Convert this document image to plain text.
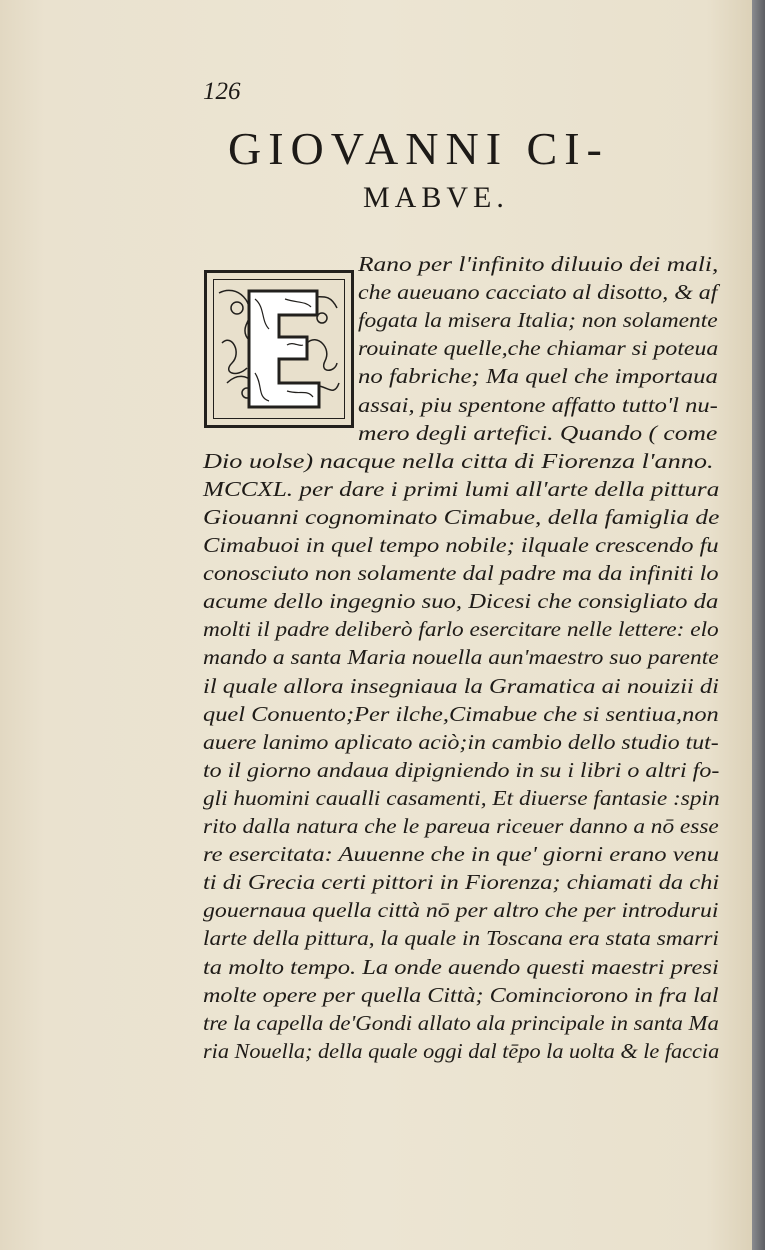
126
GIOVANNI CI-
MABVE.
Rano per l'infinito diluuio dei mali,
che aueuano cacciato al disotto, & af
fogata la misera Italia; non solamente
rouinate quelle,che chiamar si poteua
no fabriche; Ma quel che importaua
assai, piu spentone affatto tutto'l nu-
mero degli artefici. Quando ( come
Dio uolse) nacque nella citta di Fiorenza l'anno.
MCCXL. per dare i primi lumi all'arte della pittura
Giouanni cognominato Cimabue, della famiglia de
Cimabuoi in quel tempo nobile; ilquale crescendo fu
conosciuto non solamente dal padre ma da infiniti lo
acume dello ingegnio suo, Dicesi che consigliato da
molti il padre deliberò farlo esercitare nelle lettere: elo
mando a santa Maria nouella aun'maestro suo parente
il quale allora insegniaua la Gramatica ai nouizii di
quel Conuento;Per ilche,Cimabue che si sentiua,non
auere lanimo aplicato aciò;in cambio dello studio tut-
to il giorno andaua dipigniendo in su i libri o altri fo-
gli huomini caualli casamenti, Et diuerse fantasie :spin
rito dalla natura che le pareua riceuer danno a nō esse
re esercitata: Auuenne che in que' giorni erano venu
ti di Grecia certi pittori in Fiorenza; chiamati da chi
gouernaua quella città nō per altro che per introdurui
larte della pittura, la quale in Toscana era stata smarri
ta molto tempo. La onde auendo questi maestri presi
molte opere per quella Città; Cominciorono in fra lal
tre la capella de'Gondi allato ala principale in santa Ma
ria Nouella; della quale oggi dal tēpo la uolta & le faccia
